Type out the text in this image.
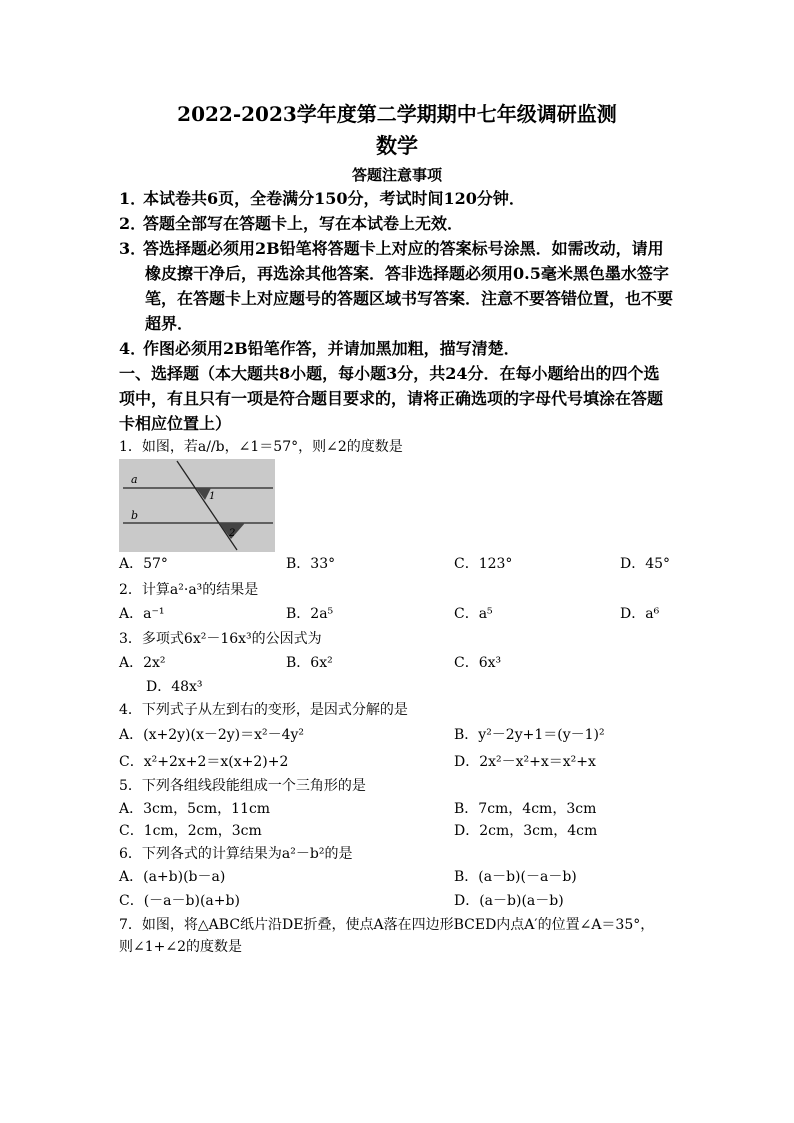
2022-2023学年度第二学期期中七年级调研监测
数学
答题注意事项
1．本试卷共6页，全卷满分150分，考试时间120分钟．
2．答题全部写在答题卡上，写在本试卷上无效．
3．答选择题必须用2B铅笔将答题卡上对应的答案标号涂黑．如需改动，请用
橡皮擦干净后，再选涂其他答案．答非选择题必须用0.5毫米黑色墨水签字
笔，在答题卡上对应题号的答题区域书写答案．注意不要答错位置，也不要
超界．
4．作图必须用2B铅笔作答，并请加黑加粗，描写清楚．
一、选择题（本大题共8小题，每小题3分，共24分．在每小题给出的四个选
项中，有且只有一项是符合题目要求的，请将正确选项的字母代号填涂在答题
卡相应位置上）
1．如图，若a//b，∠1＝57°，则∠2的度数是
a
b
1
2
A．57°	B．33°	C．123°	D．45°
2．计算a²·a³的结果是
A．a⁻¹	B．2a⁵	C．a⁵	D．a⁶
3．多项式6x²－16x³的公因式为
A．2x²	B．6x²	C．6x³
D．48x³
4．下列式子从左到右的变形，是因式分解的是
A．(x+2y)(x－2y)＝x²－4y²	B．y²－2y+1＝(y－1)²
C．x²+2x+2＝x(x+2)+2	D．2x²－x²+x＝x²+x
5．下列各组线段能组成一个三角形的是
A．3cm，5cm，11cm	B．7cm，4cm，3cm
C．1cm，2cm，3cm	D．2cm，3cm，4cm
6．下列各式的计算结果为a²－b²的是
A．(a+b)(b－a)	B．(a－b)(－a－b)
C．(－a－b)(a+b)	D．(a－b)(a－b)
7．如图，将△ABC纸片沿DE折叠，使点A落在四边形BCED内点A′的位置∠A＝35°，
则∠1+∠2的度数是
